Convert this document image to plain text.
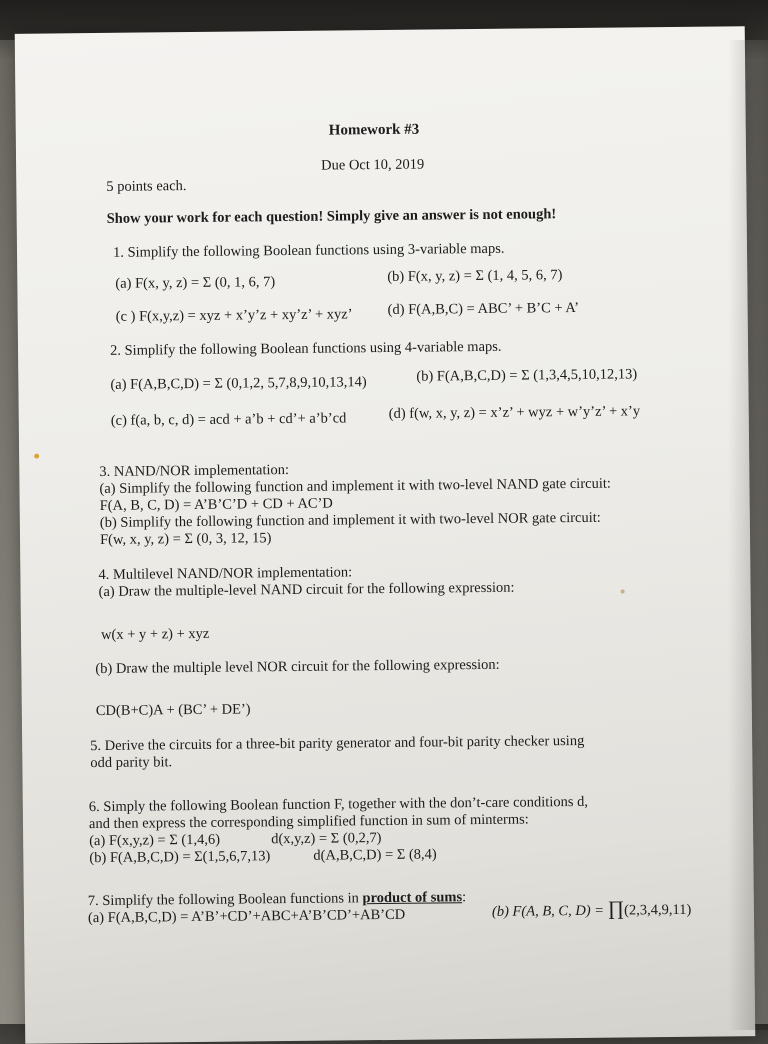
Homework #3
Due Oct 10, 2019
5 points each.
Show your work for each question! Simply give an answer is not enough!
1. Simplify the following Boolean functions using 3-variable maps.
(a) F(x, y, z) = Σ (0, 1, 6, 7)	(b) F(x, y, z) = Σ (1, 4, 5, 6, 7)
(c ) F(x,y,z) = xyz + x’y’z + xy’z’ + xyz’ (d) F(A,B,C) = ABC’ + B’C + A’
2. Simplify the following Boolean functions using 4-variable maps.
(a) F(A,B,C,D) = Σ (0,1,2, 5,7,8,9,10,13,14)	(b) F(A,B,C,D) = Σ (1,3,4,5,10,12,13)
(c) f(a, b, c, d) = acd + a’b + cd’+ a’b’cd	(d) f(w, x, y, z) = x’z’ + wyz + w’y’z’ + x’y
3. NAND/NOR implementation:
(a) Simplify the following function and implement it with two-level NAND gate circuit:
F(A, B, C, D) = A’B’C’D + CD + AC’D
(b) Simplify the following function and implement it with two-level NOR gate circuit:
F(w, x, y, z) = Σ (0, 3, 12, 15)
4. Multilevel NAND/NOR implementation:
(a) Draw the multiple-level NAND circuit for the following expression:
w(x + y + z) + xyz
(b) Draw the multiple level NOR circuit for the following expression:
CD(B+C)A + (BC’ + DE’)
5. Derive the circuits for a three-bit parity generator and four-bit parity checker using
odd parity bit.
6. Simply the following Boolean function F, together with the don’t-care conditions d,
and then express the corresponding simplified function in sum of minterms:
(a) F(x,y,z) = Σ (1,4,6)	d(x,y,z) = Σ (0,2,7)
(b) F(A,B,C,D) = Σ(1,5,6,7,13)	d(A,B,C,D) = Σ (8,4)
7. Simplify the following Boolean functions in product of sums:
(a) F(A,B,C,D) = A’B’+CD’+ABC+A’B’CD’+AB’CD	(b) F(A, B, C, D) = ∏(2,3,4,9,11)
